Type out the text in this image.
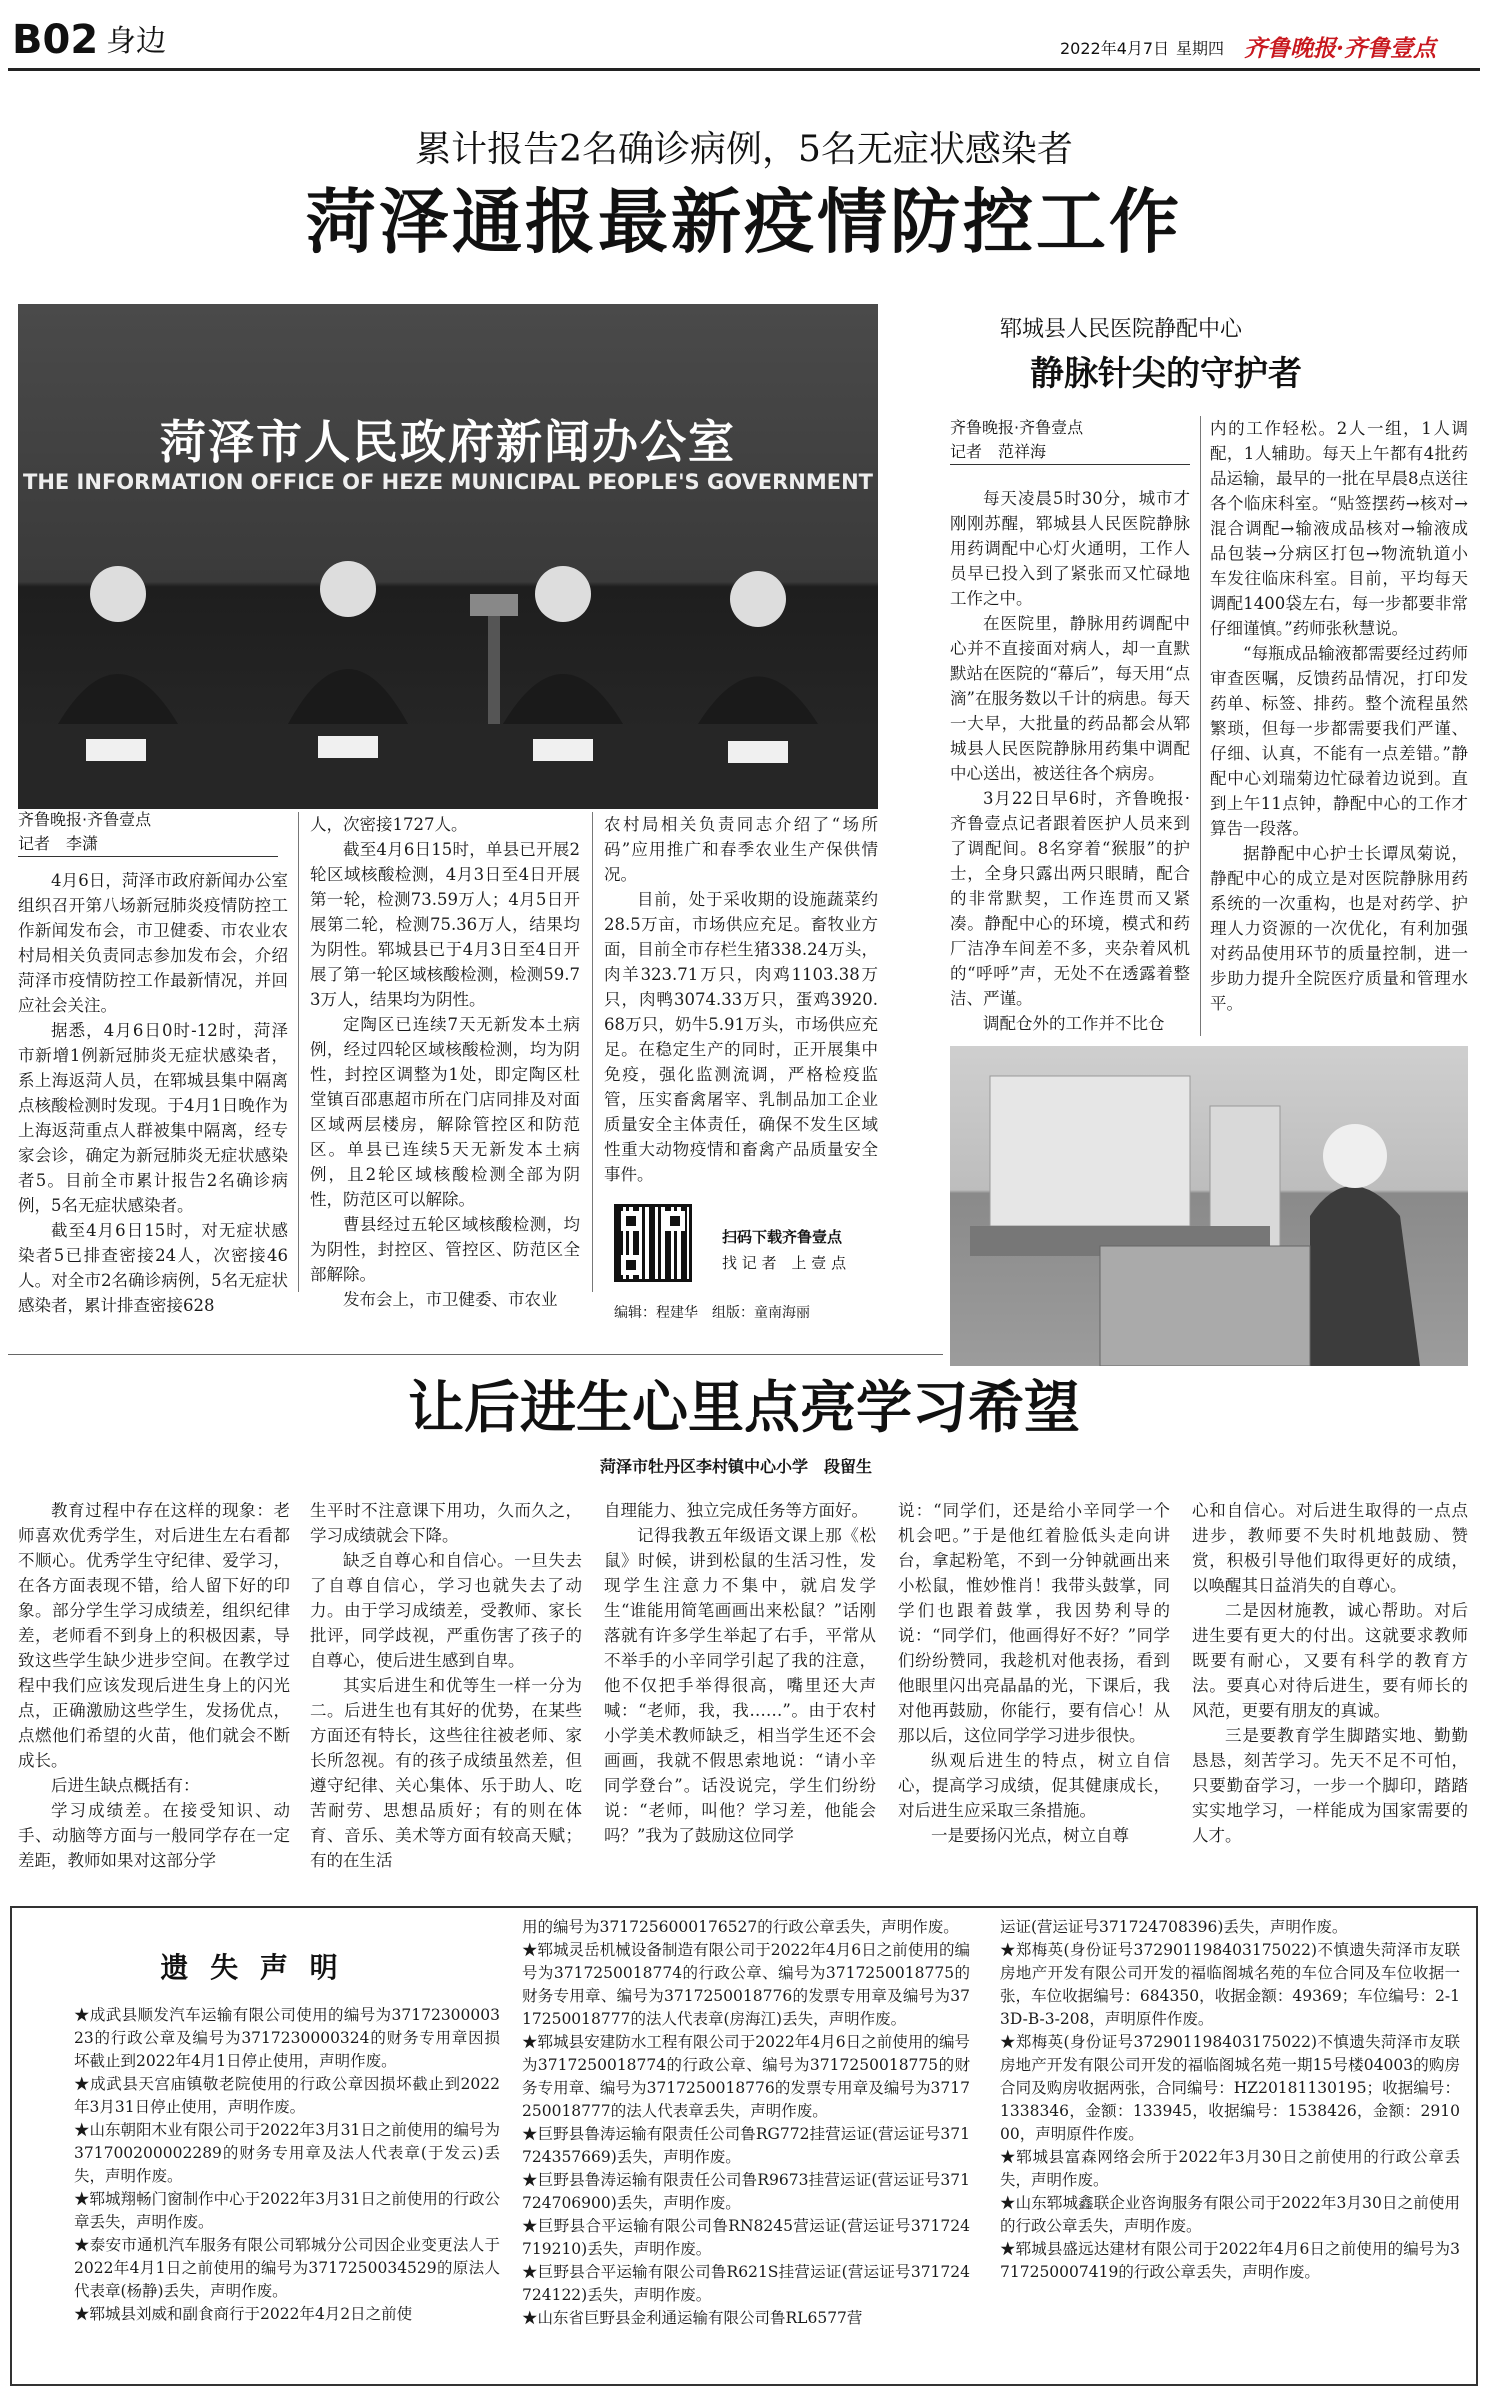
B02 身边	2022年4月7日 星期四 齐鲁晚报·齐鲁壹点
累计报告2名确诊病例，5名无症状感染者
菏泽通报最新疫情防控工作
菏泽市人民政府新闻办公室
THE INFORMATION OFFICE OF HEZE MUNICIPAL PEOPLE'S GOVERNMENT
齐鲁晚报·齐鲁壹点
记者　李潇

4月6日，菏泽市政府新闻办公室组织召开第八场新冠肺炎疫情防控工作新闻发布会，市卫健委、市农业农村局相关负责同志参加发布会，介绍菏泽市疫情防控工作最新情况，并回应社会关注。

据悉，4月6日0时-12时，菏泽市新增1例新冠肺炎无症状感染者，系上海返菏人员，在郓城县集中隔离点核酸检测时发现。于4月1日晚作为上海返菏重点人群被集中隔离，经专家会诊，确定为新冠肺炎无症状感染者5。目前全市累计报告2名确诊病例，5名无症状感染者。

截至4月6日15时，对无症状感染者5已排查密接24人，次密接46人。对全市2名确诊病例，5名无症状感染者，累计排查密接628

人，次密接1727人。

截至4月6日15时，单县已开展2轮区域核酸检测，4月3日至4日开展第一轮，检测73.59万人；4月5日开展第二轮，检测75.36万人，结果均为阴性。郓城县已于4月3日至4日开展了第一轮区域核酸检测，检测59.73万人，结果均为阴性。

定陶区已连续7天无新发本土病例，经过四轮区域核酸检测，均为阴性，封控区调整为1处，即定陶区杜堂镇百邵惠超市所在门店同排及对面区域两层楼房，解除管控区和防范区。单县已连续5天无新发本土病例，且2轮区域核酸检测全部为阴性，防范区可以解除。

曹县经过五轮区域核酸检测，均为阴性，封控区、管控区、防范区全部解除。

发布会上，市卫健委、市农业

农村局相关负责同志介绍了“场所码”应用推广和春季农业生产保供情况。

目前，处于采收期的设施蔬菜约28.5万亩，市场供应充足。畜牧业方面，目前全市存栏生猪338.24万头，肉羊323.71万只，肉鸡1103.38万只，肉鸭3074.33万只，蛋鸡3920.68万只，奶牛5.91万头，市场供应充足。在稳定生产的同时，正开展集中免疫，强化监测流调，严格检疫监管，压实畜禽屠宰、乳制品加工企业质量安全主体责任，确保不发生区域性重大动物疫情和畜禽产品质量安全事件。

扫码下载齐鲁壹点
找 记 者　上 壹 点
编辑：程建华　组版：童南海丽
郓城县人民医院静配中心
静脉针尖的守护者
齐鲁晚报·齐鲁壹点
记者　范祥海

每天凌晨5时30分，城市才刚刚苏醒，郓城县人民医院静脉用药调配中心灯火通明，工作人员早已投入到了紧张而又忙碌地工作之中。

在医院里，静脉用药调配中心并不直接面对病人，却一直默默站在医院的“幕后”，每天用“点滴”在服务数以千计的病患。每天一大早，大批量的药品都会从郓城县人民医院静脉用药集中调配中心送出，被送往各个病房。

3月22日早6时，齐鲁晚报·齐鲁壹点记者跟着医护人员来到了调配间。8名穿着“猴服”的护士，全身只露出两只眼睛，配合的非常默契，工作连贯而又紧凑。静配中心的环境，模式和药厂洁净车间差不多，夹杂着风机的“呼呼”声，无处不在透露着整洁、严谨。

调配仓外的工作并不比仓

内的工作轻松。2人一组，1人调配，1人辅助。每天上午都有4批药品运输，最早的一批在早晨8点送往各个临床科室。“贴签摆药→核对→混合调配→输液成品核对→输液成品包装→分病区打包→物流轨道小车发往临床科室。目前，平均每天调配1400袋左右，每一步都要非常仔细谨慎。”药师张秋慧说。

“每瓶成品输液都需要经过药师审查医嘱，反馈药品情况，打印发药单、标签、排药。整个流程虽然繁琐，但每一步都需要我们严谨、仔细、认真，不能有一点差错。”静配中心刘瑞菊边忙碌着边说到。直到上午11点钟，静配中心的工作才算告一段落。

据静配中心护士长谭凤菊说，静配中心的成立是对医院静脉用药系统的一次重构，也是对药学、护理人力资源的一次优化，有利加强对药品使用环节的质量控制，进一步助力提升全院医疗质量和管理水平。

让后进生心里点亮学习希望
菏泽市牡丹区李村镇中心小学　段留生

教育过程中存在这样的现象：老师喜欢优秀学生，对后进生左右看都不顺心。优秀学生守纪律、爱学习，在各方面表现不错，给人留下好的印象。部分学生学习成绩差，组织纪律差，老师看不到身上的积极因素，导致这些学生缺少进步空间。在教学过程中我们应该发现后进生身上的闪光点，正确激励这些学生，发扬优点，点燃他们希望的火苗，他们就会不断成长。

后进生缺点概括有：

学习成绩差。在接受知识、动手、动脑等方面与一般同学存在一定差距，教师如果对这部分学

生平时不注意课下用功，久而久之，学习成绩就会下降。

缺乏自尊心和自信心。一旦失去了自尊自信心，学习也就失去了动力。由于学习成绩差，受教师、家长批评，同学歧视，严重伤害了孩子的自尊心，使后进生感到自卑。

其实后进生和优等生一样一分为二。后进生也有其好的优势，在某些方面还有特长，这些往往被老师、家长所忽视。有的孩子成绩虽然差，但遵守纪律、关心集体、乐于助人、吃苦耐劳、思想品质好；有的则在体育、音乐、美术等方面有较高天赋；有的在生活

自理能力、独立完成任务等方面好。

记得我教五年级语文课上那《松鼠》时候，讲到松鼠的生活习性，发现学生注意力不集中，就启发学生“谁能用简笔画画出来松鼠？”话刚落就有许多学生举起了右手，平常从不举手的小辛同学引起了我的注意，他不仅把手举得很高，嘴里还大声喊：“老师，我，我……”。由于农村小学美术教师缺乏，相当学生还不会画画，我就不假思索地说：“请小辛同学登台”。话没说完，学生们纷纷说：“老师，叫他？学习差，他能会吗？”我为了鼓励这位同学

说：“同学们，还是给小辛同学一个机会吧。”于是他红着脸低头走向讲台，拿起粉笔，不到一分钟就画出来小松鼠，惟妙惟肖！我带头鼓掌，同学们也跟着鼓掌，我因势利导的说：“同学们，他画得好不好？”同学们纷纷赞同，我趁机对他表扬，看到他眼里闪出亮晶晶的光，下课后，我对他再鼓励，你能行，要有信心！从那以后，这位同学学习进步很快。

纵观后进生的特点，树立自信心，提高学习成绩，促其健康成长，对后进生应采取三条措施。

一是要扬闪光点，树立自尊

心和自信心。对后进生取得的一点点进步，教师要不失时机地鼓励、赞赏，积极引导他们取得更好的成绩，以唤醒其日益消失的自尊心。

二是因材施教，诚心帮助。对后进生要有更大的付出。这就要求教师既要有耐心，又要有科学的教育方法。要真心对待后进生，要有师长的风范，更要有朋友的真诚。

三是要教育学生脚踏实地、勤勤恳恳，刻苦学习。先天不足不可怕，只要勤奋学习，一步一个脚印，踏踏实实地学习，一样能成为国家需要的人才。

遗 失 声 明

★成武县顺发汽车运输有限公司使用的编号为3717230000323的行政公章及编号为3717230000324的财务专用章因损坏截止到2022年4月1日停止使用，声明作废。

★成武县天宫庙镇敬老院使用的行政公章因损坏截止到2022年3月31日停止使用，声明作废。

★山东朝阳木业有限公司于2022年3月31日之前使用的编号为371700200002289的财务专用章及法人代表章(于发云)丢失，声明作废。

★郓城翔畅门窗制作中心于2022年3月31日之前使用的行政公章丢失，声明作废。

★泰安市通机汽车服务有限公司郓城分公司因企业变更法人于2022年4月1日之前使用的编号为3717250034529的原法人代表章(杨静)丢失，声明作废。

★郓城县刘威和副食商行于2022年4月2日之前使

用的编号为3717256000176527的行政公章丢失，声明作废。

★郓城灵岳机械设备制造有限公司于2022年4月6日之前使用的编号为3717250018774的行政公章、编号为3717250018775的财务专用章、编号为3717250018776的发票专用章及编号为3717250018777的法人代表章(房海江)丢失，声明作废。

★郓城县安建防水工程有限公司于2022年4月6日之前使用的编号为3717250018774的行政公章、编号为3717250018775的财务专用章、编号为3717250018776的发票专用章及编号为3717250018777的法人代表章丢失，声明作废。

★巨野县鲁涛运输有限责任公司鲁RG772挂营运证(营运证号371724357669)丢失，声明作废。

★巨野县鲁涛运输有限责任公司鲁R9673挂营运证(营运证号371724706900)丢失，声明作废。

★巨野县合平运输有限公司鲁RN8245营运证(营运证号371724719210)丢失，声明作废。

★巨野县合平运输有限公司鲁R621S挂营运证(营运证号371724724122)丢失，声明作废。

★山东省巨野县金利通运输有限公司鲁RL6577营

运证(营运证号371724708396)丢失，声明作废。

★郑梅英(身份证号372901198403175022)不慎遗失菏泽市友联房地产开发有限公司开发的福临阁城名苑的车位合同及车位收据一张，车位收据编号：684350，收据金额：49369；车位编号：2-13D-B-3-208，声明原件作废。

★郑梅英(身份证号372901198403175022)不慎遗失菏泽市友联房地产开发有限公司开发的福临阁城名苑一期15号楼04003的购房合同及购房收据两张，合同编号：HZ20181130195；收据编号：1338346，金额：133945，收据编号：1538426，金额：291000，声明原件作废。

★郓城县富森网络会所于2022年3月30日之前使用的行政公章丢失，声明作废。

★山东郓城鑫联企业咨询服务有限公司于2022年3月30日之前使用的行政公章丢失，声明作废。

★郓城县盛远达建材有限公司于2022年4月6日之前使用的编号为3717250007419的行政公章丢失，声明作废。
